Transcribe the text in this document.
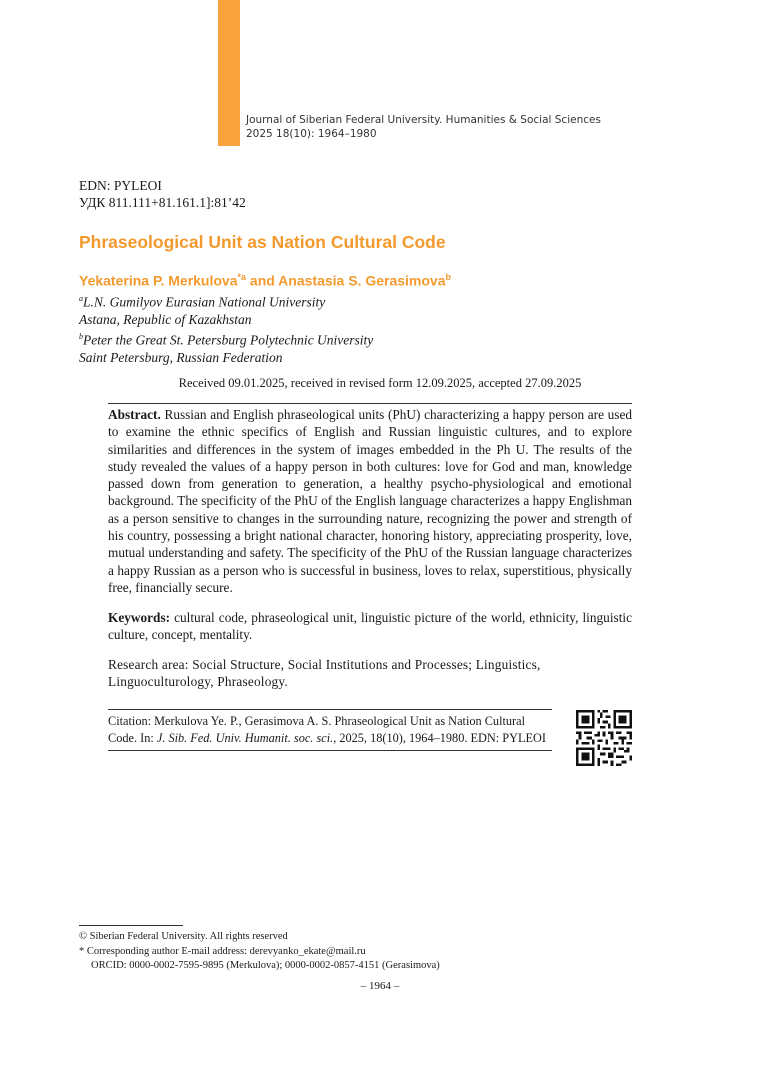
Journal of Siberian Federal University. Humanities & Social Sciences
2025 18(10): 1964–1980
EDN: PYLEOI
УДК 811.111+81.161.1]:81’42
Phraseological Unit as Nation Cultural Code
Yekaterina P. Merkulova$^{*a}$ and Anastasia S. Gerasimova$^b$
$^a$L.N. Gumilyov Eurasian National University
Astana, Republic of Kazakhstan
$^b$Peter the Great St. Petersburg Polytechnic University
Saint Petersburg, Russian Federation
Received 09.01.2025, received in revised form 12.09.2025, accepted 27.09.2025
Abstract. Russian and English phraseological units (PhU) characterizing a happy person are used to examine the ethnic specifics of English and Russian linguistic cultures, and to explore similarities and differences in the system of images embedded in the Ph U. The results of the study revealed the values of a happy person in both cultures: love for God and man, knowledge passed down from generation to generation, a healthy psycho-physiological and emotional background. The specificity of the PhU of the English language characterizes a happy Englishman as a person sensitive to changes in the surrounding nature, recognizing the power and strength of his country, possessing a bright national character, honoring history, appreciating prosperity, love, mutual understanding and safety. The specificity of the PhU of the Russian language characterizes a happy Russian as a person who is successful in business, loves to relax, superstitious, physically free, financially secure.
Keywords: cultural code, phraseological unit, linguistic picture of the world, ethnicity, linguistic culture, concept, mentality.
Research area: Social Structure, Social Institutions and Processes; Linguistics, Linguoculturology, Phraseology.
Citation: Merkulova Ye. P., Gerasimova A. S. Phraseological Unit as Nation Cultural Code. In: J. Sib. Fed. Univ. Humanit. soc. sci., 2025, 18(10), 1964–1980. EDN: PYLEOI
© Siberian Federal University. All rights reserved
* Corresponding author E-mail address: derevyanko_ekate@mail.ru
ORCID: 0000-0002-7595-9895 (Merkulova); 0000-0002-0857-4151 (Gerasimova)
– 1964 –
